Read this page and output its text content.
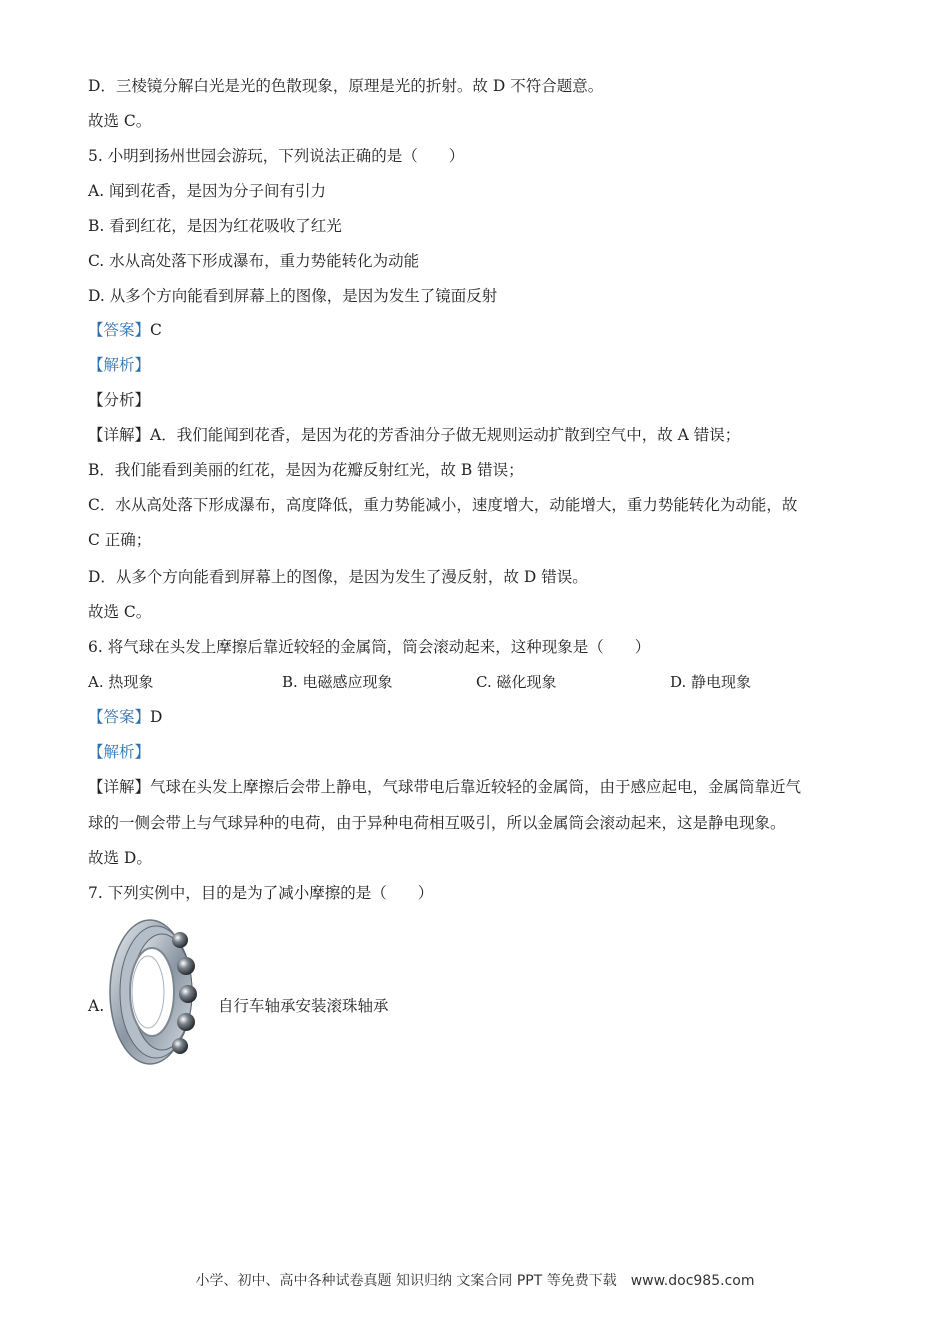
D．三棱镜分解白光是光的色散现象，原理是光的折射。故 D 不符合题意。
故选 C。
5. 小明到扬州世园会游玩，下列说法正确的是（　　）
A. 闻到花香，是因为分子间有引力
B. 看到红花，是因为红花吸收了红光
C. 水从高处落下形成瀑布，重力势能转化为动能
D. 从多个方向能看到屏幕上的图像，是因为发生了镜面反射
【答案】C
【解析】
【分析】
【详解】A．我们能闻到花香，是因为花的芳香油分子做无规则运动扩散到空气中，故 A 错误；
B．我们能看到美丽的红花，是因为花瓣反射红光，故 B 错误；
C．水从高处落下形成瀑布，高度降低，重力势能减小，速度增大，动能增大，重力势能转化为动能，故
C 正确；
D．从多个方向能看到屏幕上的图像，是因为发生了漫反射，故 D 错误。
故选 C。
6. 将气球在头发上摩擦后靠近较轻的金属筒，筒会滚动起来，这种现象是（　　）
A. 热现象	B. 电磁感应现象	C. 磁化现象	D. 静电现象
【答案】D
【解析】
【详解】气球在头发上摩擦后会带上静电，气球带电后靠近较轻的金属筒，由于感应起电，金属筒靠近气
球的一侧会带上与气球异种的电荷，由于异种电荷相互吸引，所以金属筒会滚动起来，这是静电现象。
故选 D。
7. 下列实例中，目的是为了减小摩擦的是（　　）
A.	自行车轴承安装滚珠轴承
小学、初中、高中各种试卷真题 知识归纳 文案合同 PPT 等免费下载　www.doc985.com
